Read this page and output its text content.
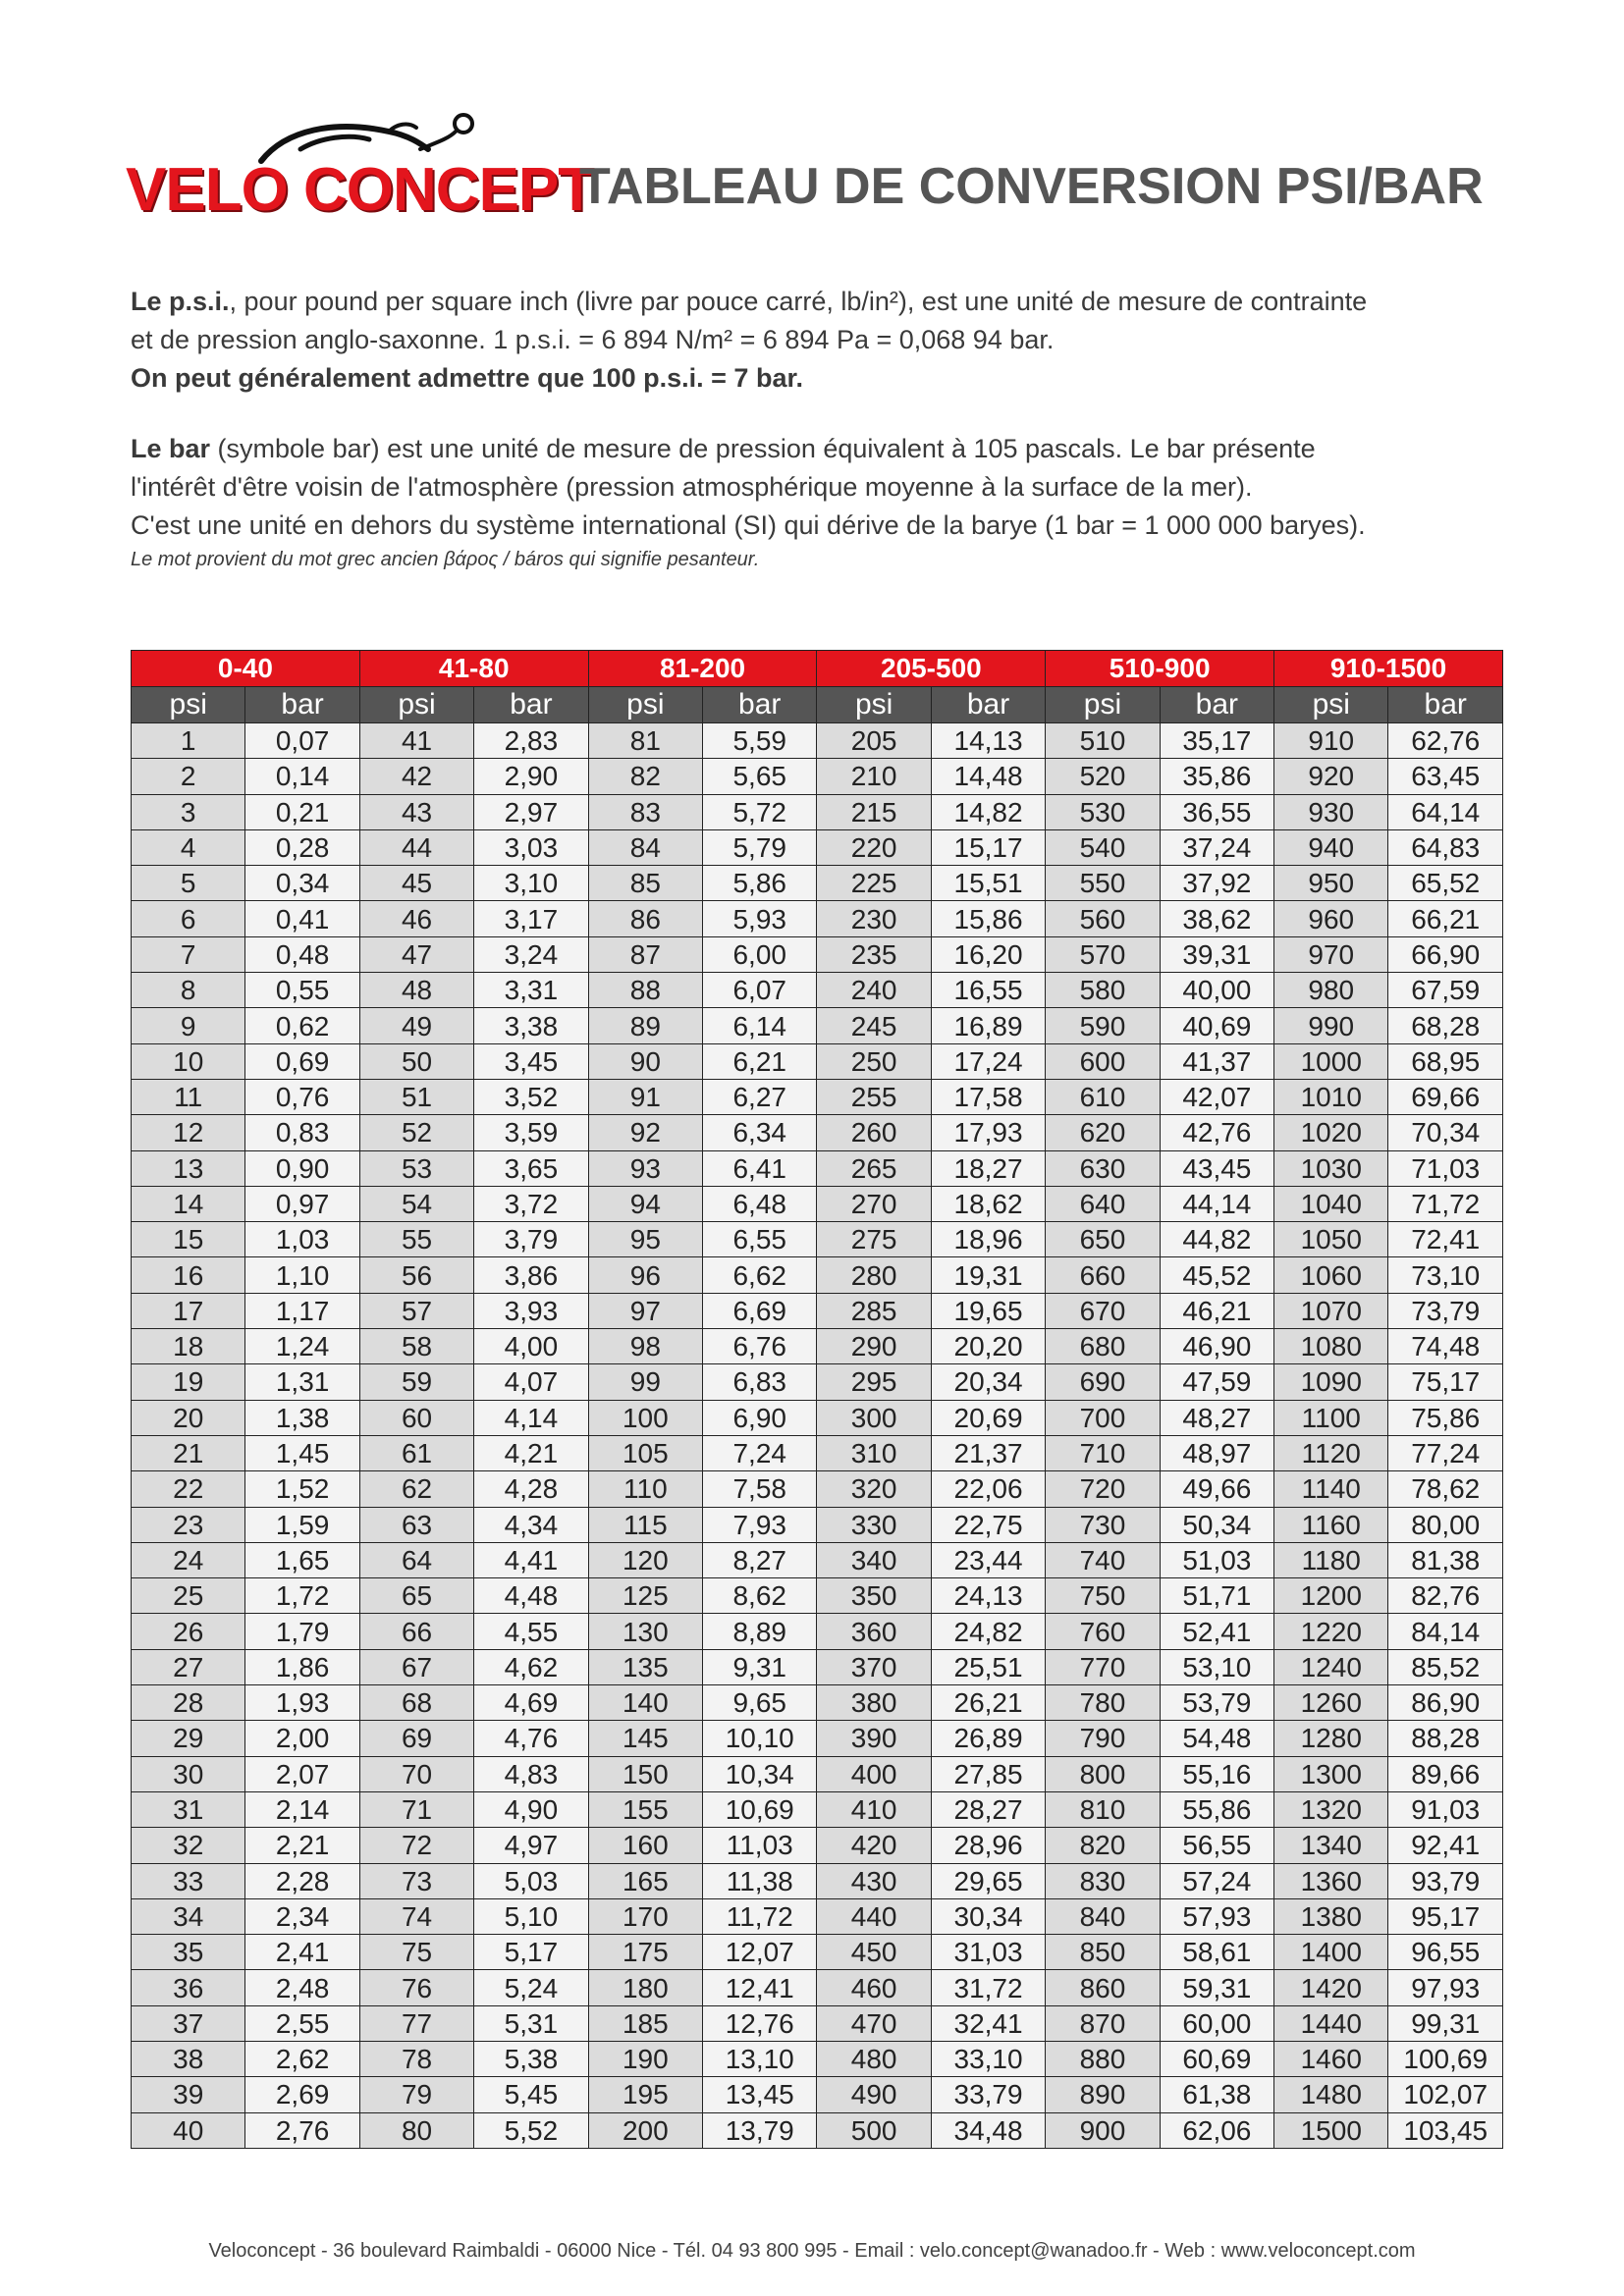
VELO CONCEPT
TABLEAU DE CONVERSION PSI/BAR

Le p.s.i., pour pound per square inch (livre par pouce carré, lb/in²), est une unité de mesure de contrainte

et de pression anglo-saxonne. 1 p.s.i. = 6 894 N/m² = 6 894 Pa = 0,068 94 bar.

On peut généralement admettre que 100 p.s.i. = 7 bar.

Le bar (symbole bar) est une unité de mesure de pression équivalent à 105 pascals. Le bar présente

l'intérêt d'être voisin de l'atmosphère (pression atmosphérique moyenne à la surface de la mer).

C'est une unité en dehors du système international (SI) qui dérive de la barye (1 bar = 1 000 000 baryes).

Le mot provient du mot grec ancien βάρος / báros qui signifie pesanteur.

0-40		41-80		81-200		205-500		510-900		910-1500	
psi	bar	psi	bar	psi	bar	psi	bar	psi	bar	psi	bar
1	0,07	41	2,83	81	5,59	205	14,13	510	35,17	910	62,76
2	0,14	42	2,90	82	5,65	210	14,48	520	35,86	920	63,45
3	0,21	43	2,97	83	5,72	215	14,82	530	36,55	930	64,14
4	0,28	44	3,03	84	5,79	220	15,17	540	37,24	940	64,83
5	0,34	45	3,10	85	5,86	225	15,51	550	37,92	950	65,52
6	0,41	46	3,17	86	5,93	230	15,86	560	38,62	960	66,21
7	0,48	47	3,24	87	6,00	235	16,20	570	39,31	970	66,90
8	0,55	48	3,31	88	6,07	240	16,55	580	40,00	980	67,59
9	0,62	49	3,38	89	6,14	245	16,89	590	40,69	990	68,28
10	0,69	50	3,45	90	6,21	250	17,24	600	41,37	1000	68,95
11	0,76	51	3,52	91	6,27	255	17,58	610	42,07	1010	69,66
12	0,83	52	3,59	92	6,34	260	17,93	620	42,76	1020	70,34
13	0,90	53	3,65	93	6,41	265	18,27	630	43,45	1030	71,03
14	0,97	54	3,72	94	6,48	270	18,62	640	44,14	1040	71,72
15	1,03	55	3,79	95	6,55	275	18,96	650	44,82	1050	72,41
16	1,10	56	3,86	96	6,62	280	19,31	660	45,52	1060	73,10
17	1,17	57	3,93	97	6,69	285	19,65	670	46,21	1070	73,79
18	1,24	58	4,00	98	6,76	290	20,20	680	46,90	1080	74,48
19	1,31	59	4,07	99	6,83	295	20,34	690	47,59	1090	75,17
20	1,38	60	4,14	100	6,90	300	20,69	700	48,27	1100	75,86
21	1,45	61	4,21	105	7,24	310	21,37	710	48,97	1120	77,24
22	1,52	62	4,28	110	7,58	320	22,06	720	49,66	1140	78,62
23	1,59	63	4,34	115	7,93	330	22,75	730	50,34	1160	80,00
24	1,65	64	4,41	120	8,27	340	23,44	740	51,03	1180	81,38
25	1,72	65	4,48	125	8,62	350	24,13	750	51,71	1200	82,76
26	1,79	66	4,55	130	8,89	360	24,82	760	52,41	1220	84,14
27	1,86	67	4,62	135	9,31	370	25,51	770	53,10	1240	85,52
28	1,93	68	4,69	140	9,65	380	26,21	780	53,79	1260	86,90
29	2,00	69	4,76	145	10,10	390	26,89	790	54,48	1280	88,28
30	2,07	70	4,83	150	10,34	400	27,85	800	55,16	1300	89,66
31	2,14	71	4,90	155	10,69	410	28,27	810	55,86	1320	91,03
32	2,21	72	4,97	160	11,03	420	28,96	820	56,55	1340	92,41
33	2,28	73	5,03	165	11,38	430	29,65	830	57,24	1360	93,79
34	2,34	74	5,10	170	11,72	440	30,34	840	57,93	1380	95,17
35	2,41	75	5,17	175	12,07	450	31,03	850	58,61	1400	96,55
36	2,48	76	5,24	180	12,41	460	31,72	860	59,31	1420	97,93
37	2,55	77	5,31	185	12,76	470	32,41	870	60,00	1440	99,31
38	2,62	78	5,38	190	13,10	480	33,10	880	60,69	1460	100,69
39	2,69	79	5,45	195	13,45	490	33,79	890	61,38	1480	102,07
40	2,76	80	5,52	200	13,79	500	34,48	900	62,06	1500	103,45
Veloconcept - 36 boulevard Raimbaldi - 06000 Nice - Tél. 04 93 800 995 - Email : velo.concept@wanadoo.fr - Web : www.veloconcept.com
